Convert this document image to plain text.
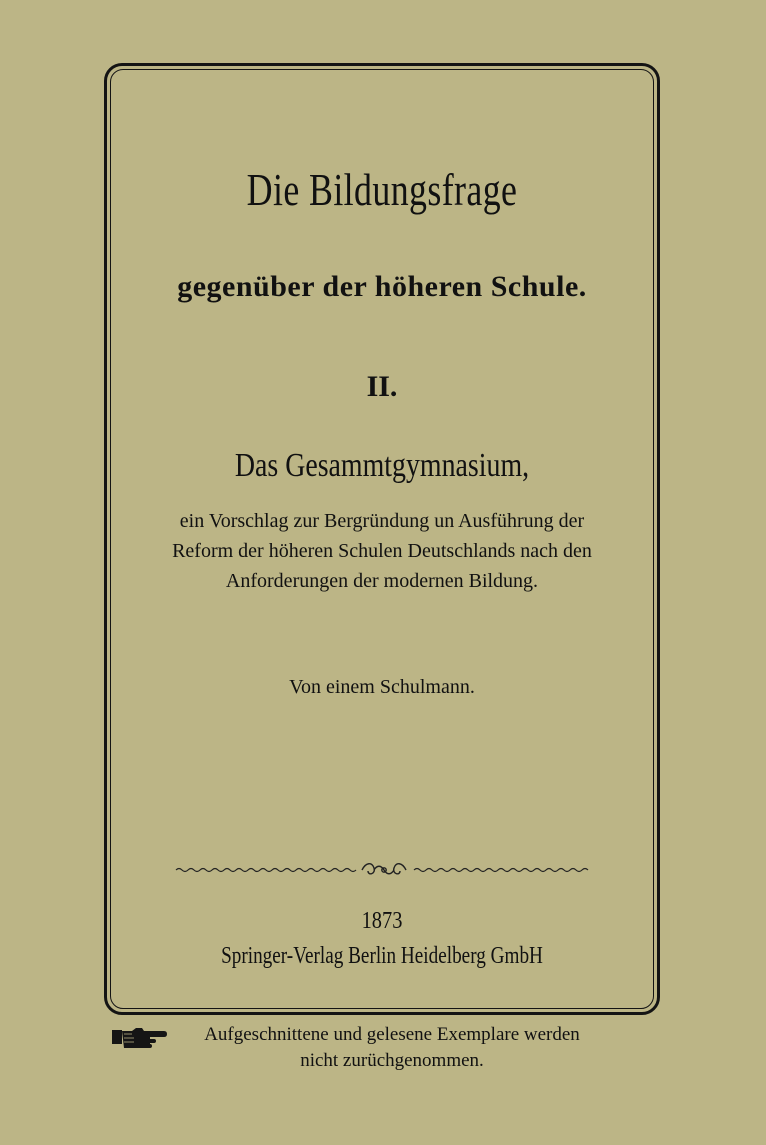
Die Bildungsfrage
gegenüber der höheren Schule.
II.
Das Gesammtgymnasium,
ein Vorschlag zur Bergründung un Ausführung der
Reform der höheren Schulen Deutschlands nach den
Anforderungen der modernen Bildung.
Von einem Schulmann.
1873
Springer-Verlag Berlin Heidelberg GmbH
Aufgeschnittene und gelesene Exemplare werden
nicht zurüchgenommen.
